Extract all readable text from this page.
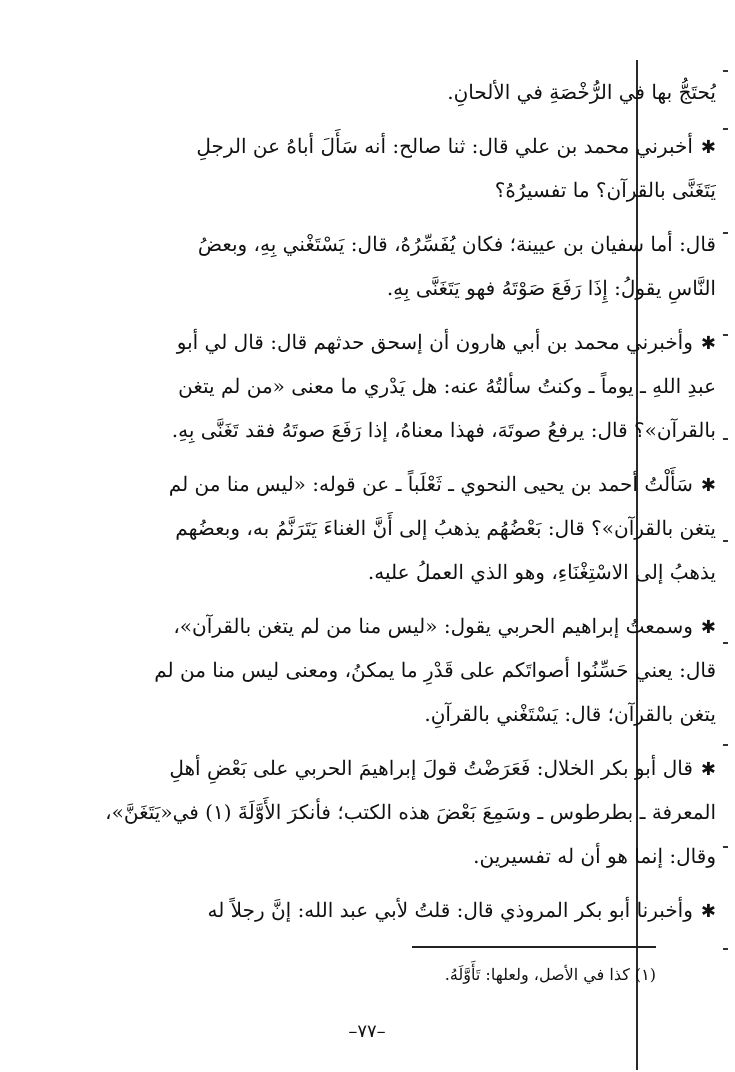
يُحتَجُّ بها في الرُّخْصَةِ في الألحانِ.
✱أخبرني محمد بن علي قال: ثنا صالح: أنه سَأَلَ أباهُ عن الرجلِ
يَتَغَنَّى بالقرآن؟ ما تفسيرُهُ؟
قال: أما سفيان بن عيينة؛ فكان يُفَسِّرُهُ، قال: يَسْتَغْني بِهِ، وبعضُ
النَّاسِ يقولُ: إِذَا رَفَعَ صَوْتَهُ فهو يَتَغَنَّى بِهِ.
✱وأخبرني محمد بن أبي هارون أن إسحق حدثهم قال: قال لي أبو
عبدِ اللهِ ـ يوماً ـ وكنتُ سألتُهُ عنه: هل يَدْري ما معنى «من لم يتغن
بالقرآن»؟ قال: يرفعُ صوتَهَ، فهذا معناهُ، إذا رَفَعَ صوتَهُ فقد تَغَنَّى بِهِ.
✱سَأَلْتُ أحمد بن يحيى النحوي ـ ثَعْلَباً ـ عن قوله: «ليس منا من لم
يتغن بالقرآن»؟ قال: بَعْضُهُم يذهبُ إلى أَنَّ الغناءَ يَتَرَنَّمُ به، وبعضُهم
يذهبُ إلى الاسْتِغْنَاءِ، وهو الذي العملُ عليه.
✱وسمعتُ إبراهيم الحربي يقول: «ليس منا من لم يتغن بالقرآن»،
قال: يعني حَسِّنُوا أصواتَكم على قَدْرِ ما يمكنُ، ومعنى ليس منا من لم
يتغن بالقرآن؛ قال: يَسْتَغْني بالقرآنِ.
✱قال أبو بكر الخلال: فَعَرَضْتُ قولَ إبراهيمَ الحربي على بَعْضِ أهلِ
المعرفة ـ بطرطوس ـ وسَمِعَ بَعْضَ هذه الكتب؛ فأنكرَ الأَوَّلَةَ (١) في«يَتَغَنَّ»،
وقال: إنما هو أن له تفسيرين.
✱وأخبرنا أبو بكر المروذي قال: قلتُ لأبي عبد الله: إنَّ رجلاً له
(١) كذا في الأصل، ولعلها: تَأَوَّلَهُ.
–٧٧–
